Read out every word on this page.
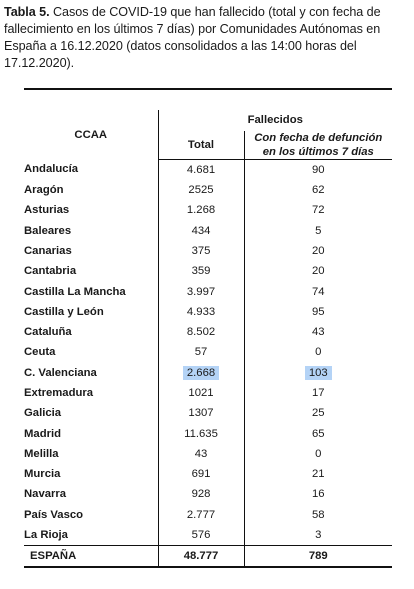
Tabla 5. Casos de COVID-19 que han fallecido (total y con fecha de fallecimiento en los últimos 7 días) por Comunidades Autónomas en España a 16.12.2020 (datos consolidados a las 14:00 horas del 17.12.2020).

CCAA	Fallecidos	
	Total	Con fecha de defunción
en los últimos 7 días
Andalucía	4.681	90
Aragón	2525	62
Asturias	1.268	72
Baleares	434	5
Canarias	375	20
Cantabria	359	20
Castilla La Mancha	3.997	74
Castilla y León	4.933	95
Cataluña	8.502	43
Ceuta	57	0
C. Valenciana	2.668	103
Extremadura	1021	17
Galicia	1307	25
Madrid	11.635	65
Melilla	43	0
Murcia	691	21
Navarra	928	16
País Vasco	2.777	58
La Rioja	576	3
ESPAÑA	48.777	789
